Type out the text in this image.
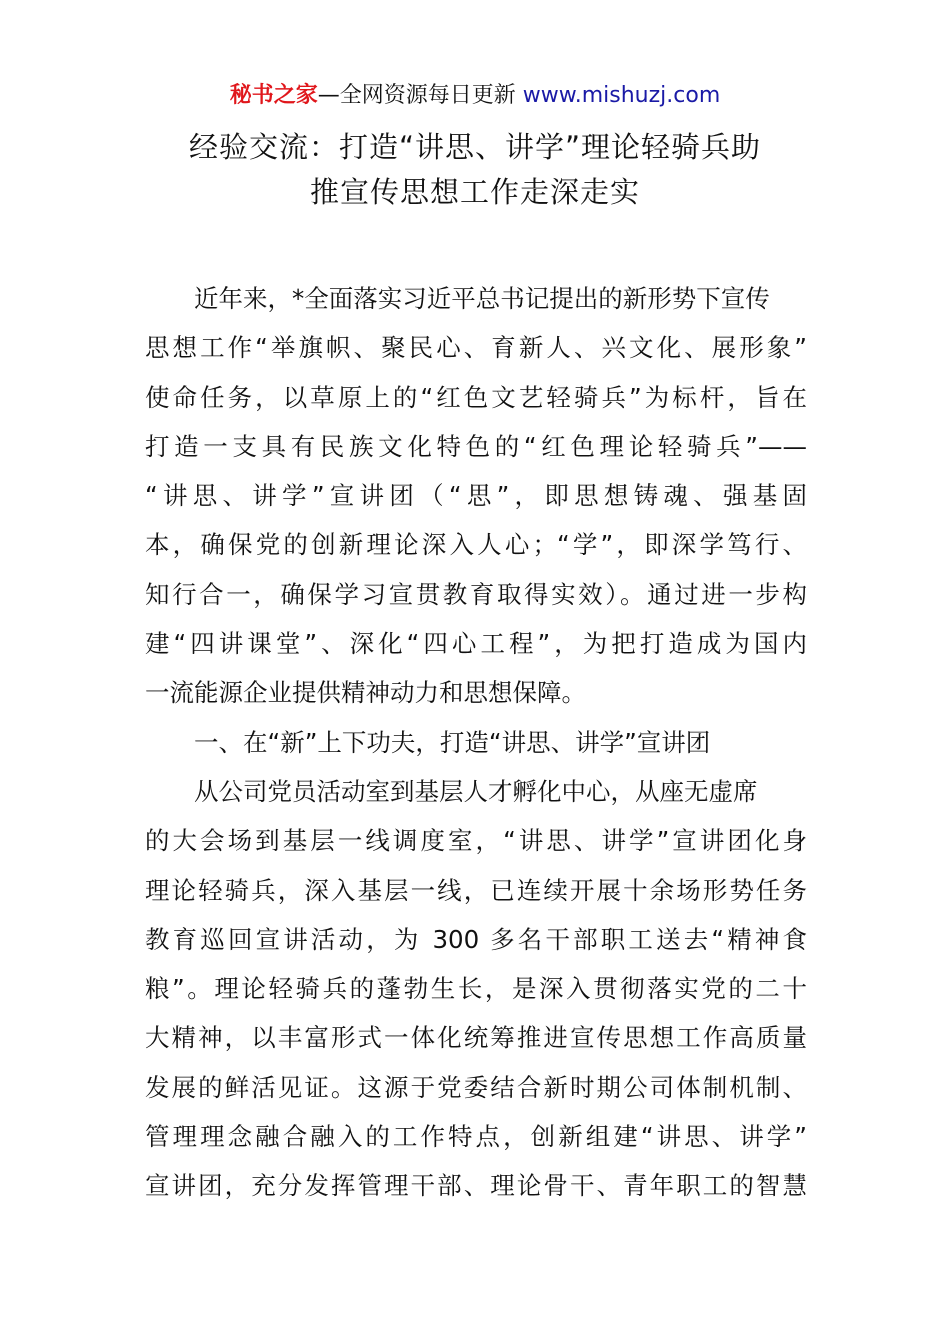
秘书之家—全网资源每日更新 www.mishuzj.com
经验交流：打造“讲思、讲学”理论轻骑兵助
推宣传思想工作走深走实
近年来，*全面落实习近平总书记提出的新形势下宣传
思想工作“举旗帜、聚民心、育新人、兴文化、展形象”
使命任务，以草原上的“红色文艺轻骑兵”为标杆，旨在
打造一支具有民族文化特色的“红色理论轻骑兵”——
“讲思、讲学”宣讲团（“思”，即思想铸魂、强基固
本，确保党的创新理论深入人心；“学”，即深学笃行、
知行合一，确保学习宣贯教育取得实效）。通过进一步构
建“四讲课堂”、深化“四心工程”，为把打造成为国内
一流能源企业提供精神动力和思想保障。
一、在“新”上下功夫，打造“讲思、讲学”宣讲团
从公司党员活动室到基层人才孵化中心，从座无虚席
的大会场到基层一线调度室，“讲思、讲学”宣讲团化身
理论轻骑兵，深入基层一线，已连续开展十余场形势任务
教育巡回宣讲活动，为 300 多名干部职工送去“精神食
粮”。理论轻骑兵的蓬勃生长，是深入贯彻落实党的二十
大精神，以丰富形式一体化统筹推进宣传思想工作高质量
发展的鲜活见证。这源于党委结合新时期公司体制机制、
管理理念融合融入的工作特点，创新组建“讲思、讲学”
宣讲团，充分发挥管理干部、理论骨干、青年职工的智慧
